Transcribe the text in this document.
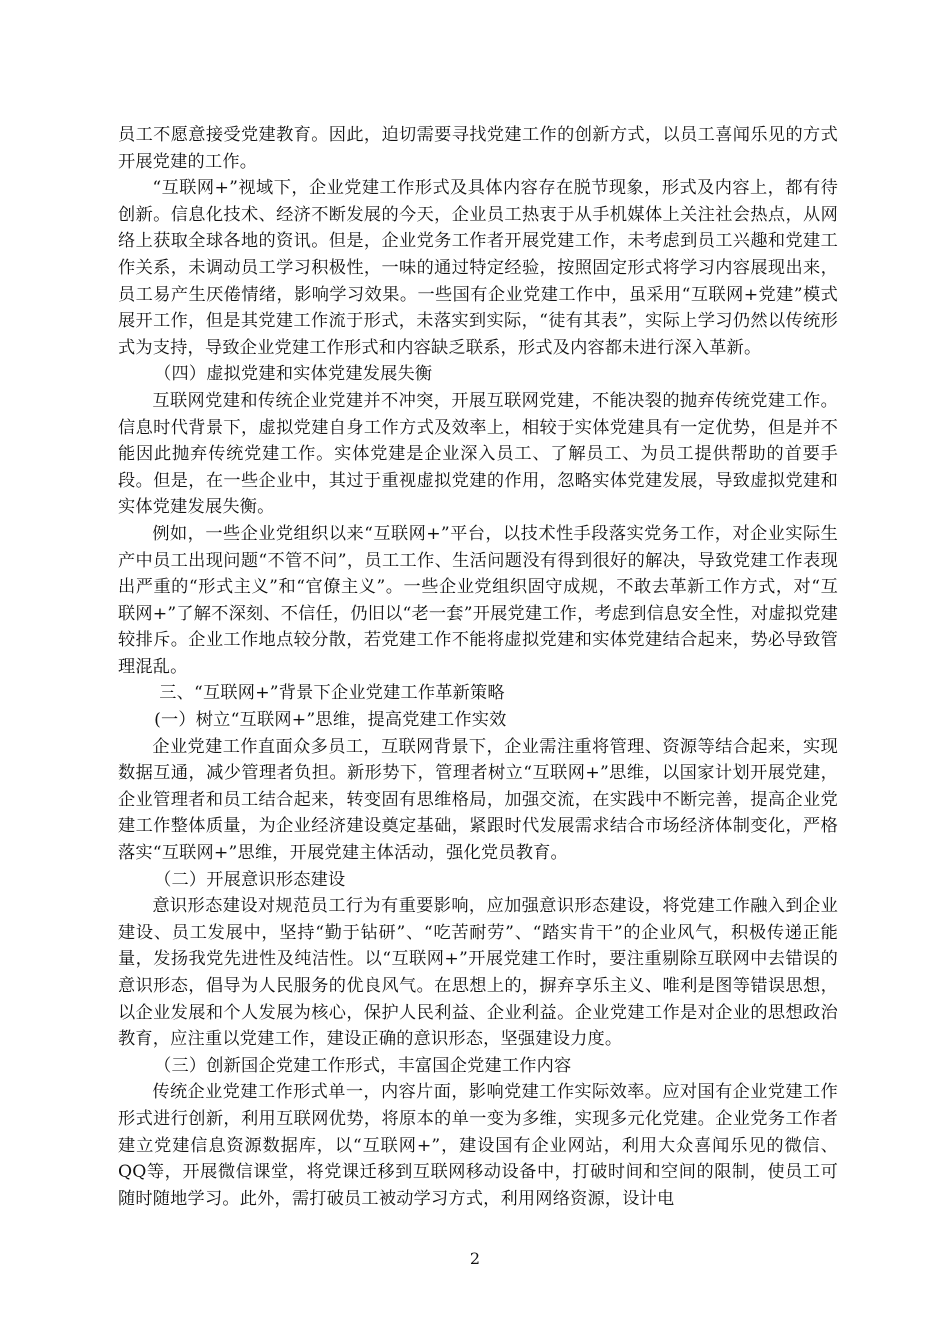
员工不愿意接受党建教育。因此，迫切需要寻找党建工作的创新方式，以员工喜闻乐见的方式开展党建的工作。

“互联网+”视域下，企业党建工作形式及具体内容存在脱节现象，形式及内容上，都有待创新。信息化技术、经济不断发展的今天，企业员工热衷于从手机媒体上关注社会热点，从网络上获取全球各地的资讯。但是，企业党务工作者开展党建工作，未考虑到员工兴趣和党建工作关系，未调动员工学习积极性，一味的通过特定经验，按照固定形式将学习内容展现出来，员工易产生厌倦情绪，影响学习效果。一些国有企业党建工作中，虽采用“互联网+党建”模式展开工作，但是其党建工作流于形式，未落实到实际，“徒有其表”，实际上学习仍然以传统形式为支持，导致企业党建工作形式和内容缺乏联系，形式及内容都未进行深入革新。

（四）虚拟党建和实体党建发展失衡

互联网党建和传统企业党建并不冲突，开展互联网党建，不能决裂的抛弃传统党建工作。信息时代背景下，虚拟党建自身工作方式及效率上，相较于实体党建具有一定优势，但是并不能因此抛弃传统党建工作。实体党建是企业深入员工、了解员工、为员工提供帮助的首要手段。但是，在一些企业中，其过于重视虚拟党建的作用，忽略实体党建发展，导致虚拟党建和实体党建发展失衡。

例如，一些企业党组织以来“互联网+”平台，以技术性手段落实党务工作，对企业实际生产中员工出现问题“不管不问”，员工工作、生活问题没有得到很好的解决，导致党建工作表现出严重的“形式主义”和“官僚主义”。一些企业党组织固守成规，不敢去革新工作方式，对“互联网+”了解不深刻、不信任，仍旧以“老一套”开展党建工作，考虑到信息安全性，对虚拟党建较排斥。企业工作地点较分散，若党建工作不能将虚拟党建和实体党建结合起来，势必导致管理混乱。

三、“互联网+”背景下企业党建工作革新策略

(一）树立“互联网+”思维，提高党建工作实效

企业党建工作直面众多员工，互联网背景下，企业需注重将管理、资源等结合起来，实现数据互通，减少管理者负担。新形势下，管理者树立“互联网+”思维，以国家计划开展党建，企业管理者和员工结合起来，转变固有思维格局，加强交流，在实践中不断完善，提高企业党建工作整体质量，为企业经济建设奠定基础，紧跟时代发展需求结合市场经济体制变化，严格落实“互联网+”思维，开展党建主体活动，强化党员教育。

（二）开展意识形态建设

意识形态建设对规范员工行为有重要影响，应加强意识形态建设，将党建工作融入到企业建设、员工发展中，坚持“勤于钻研”、“吃苦耐劳”、“踏实肯干”的企业风气，积极传递正能量，发扬我党先进性及纯洁性。以“互联网+”开展党建工作时，要注重剔除互联网中去错误的意识形态，倡导为人民服务的优良风气。在思想上的，摒弃享乐主义、唯利是图等错误思想，以企业发展和个人发展为核心，保护人民利益、企业利益。企业党建工作是对企业的思想政治教育，应注重以党建工作，建设正确的意识形态，坚强建设力度。

（三）创新国企党建工作形式，丰富国企党建工作内容

传统企业党建工作形式单一，内容片面，影响党建工作实际效率。应对国有企业党建工作形式进行创新，利用互联网优势，将原本的单一变为多维，实现多元化党建。企业党务工作者建立党建信息资源数据库，以“互联网+”，建设国有企业网站，利用大众喜闻乐见的微信、QQ等，开展微信课堂，将党课迁移到互联网移动设备中，打破时间和空间的限制，使员工可随时随地学习。此外，需打破员工被动学习方式，利用网络资源，设计电

2
